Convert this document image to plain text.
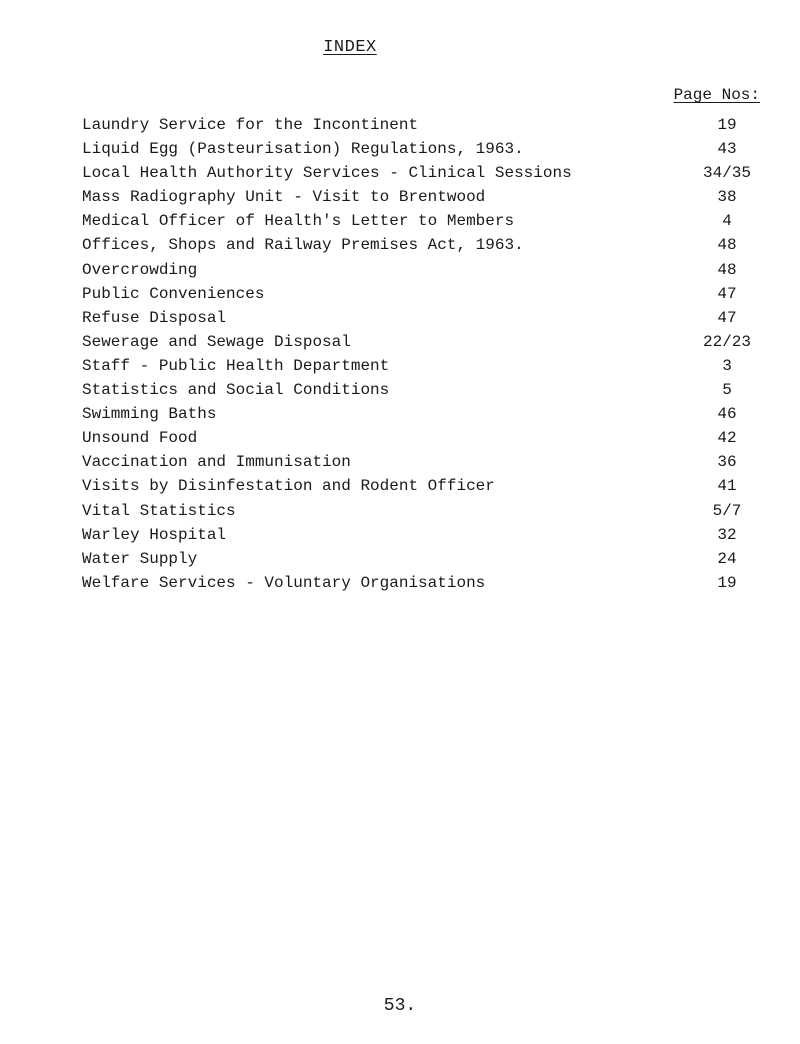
INDEX
Page Nos:
Laundry Service for the Incontinent	19
Liquid Egg (Pasteurisation) Regulations, 1963.	43
Local Health Authority Services - Clinical Sessions	34/35
Mass Radiography Unit - Visit to Brentwood	38
Medical Officer of Health's Letter to Members	4
Offices, Shops and Railway Premises Act, 1963.	48
Overcrowding	48
Public Conveniences	47
Refuse Disposal	47
Sewerage and Sewage Disposal	22/23
Staff - Public Health Department	3
Statistics and Social Conditions	5
Swimming Baths	46
Unsound Food	42
Vaccination and Immunisation	36
Visits by Disinfestation and Rodent Officer	41
Vital Statistics	5/7
Warley Hospital	32
Water Supply	24
Welfare Services - Voluntary Organisations	19
53.
